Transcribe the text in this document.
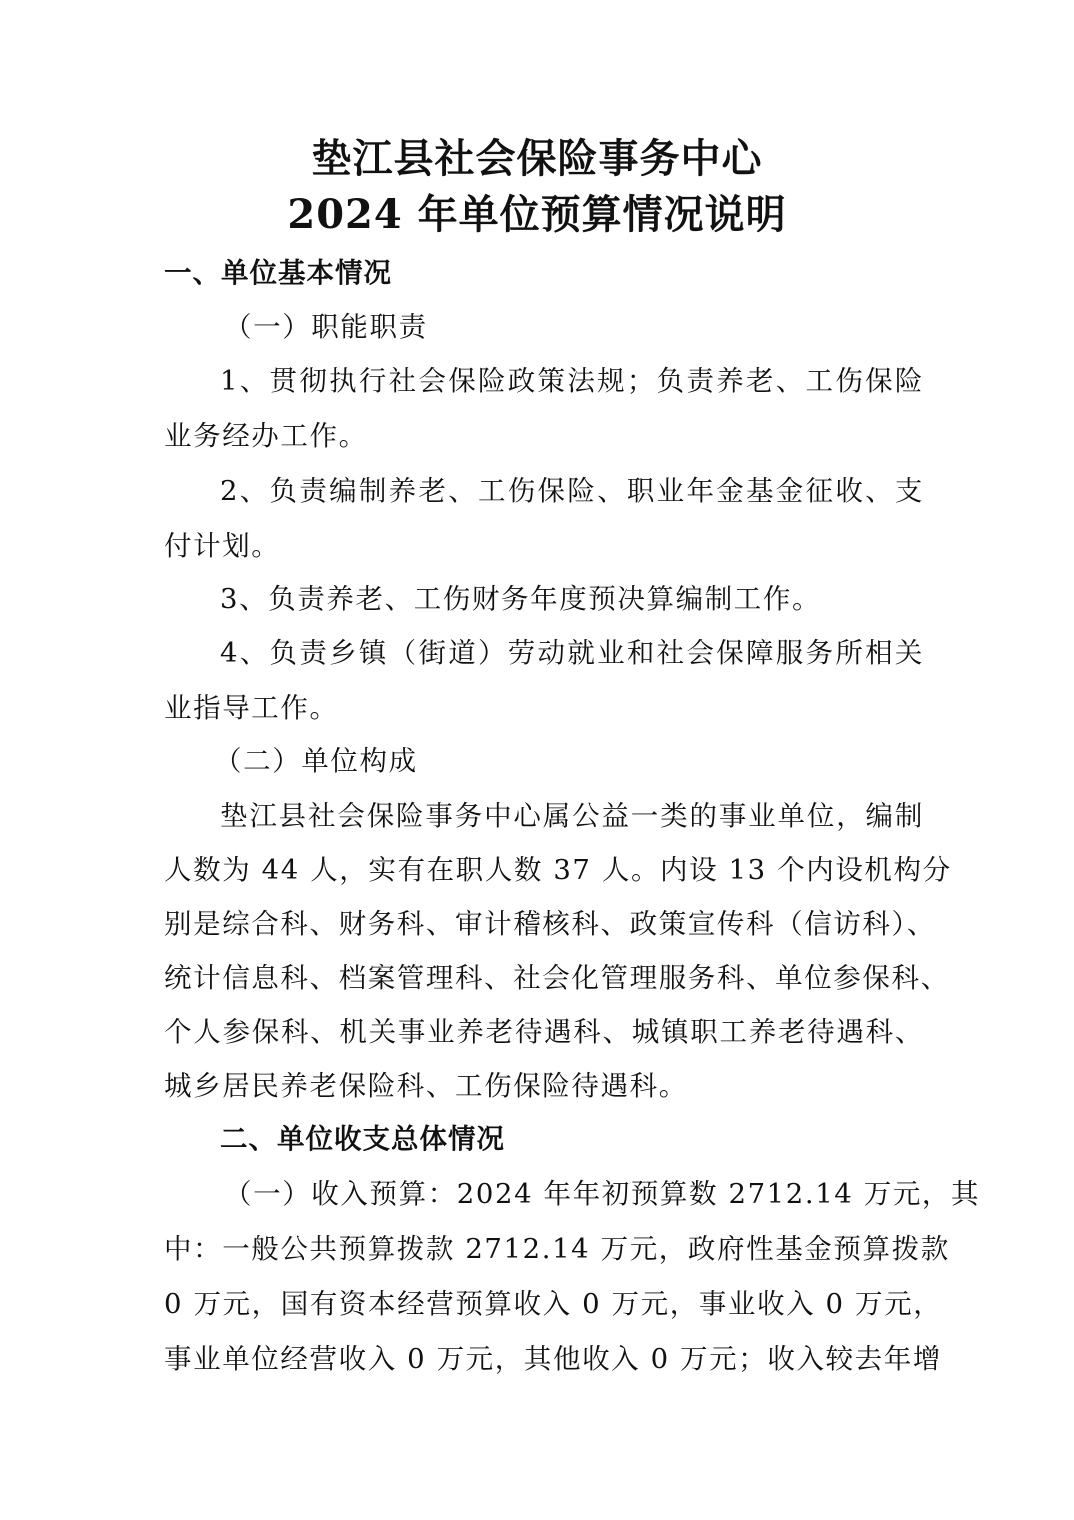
垫江县社会保险事务中心
2024 年单位预算情况说明
一、单位基本情况
（一）职能职责
1、贯彻执行社会保险政策法规；负责养老、工伤保险
业务经办工作。
2、负责编制养老、工伤保险、职业年金基金征收、支
付计划。
3、负责养老、工伤财务年度预决算编制工作。
4、负责乡镇（街道）劳动就业和社会保障服务所相关
业指导工作。
（二）单位构成
垫江县社会保险事务中心属公益一类的事业单位，编制
人数为 44 人，实有在职人数 37 人。内设 13 个内设机构分
别是综合科、财务科、审计稽核科、政策宣传科（信访科）、
统计信息科、档案管理科、社会化管理服务科、单位参保科、
个人参保科、机关事业养老待遇科、城镇职工养老待遇科、
城乡居民养老保险科、工伤保险待遇科。
二、单位收支总体情况
（一）收入预算：2024 年年初预算数 2712.14 万元，其
中：一般公共预算拨款 2712.14 万元，政府性基金预算拨款
0 万元，国有资本经营预算收入 0 万元，事业收入 0 万元，
事业单位经营收入 0 万元，其他收入 0 万元；收入较去年增
